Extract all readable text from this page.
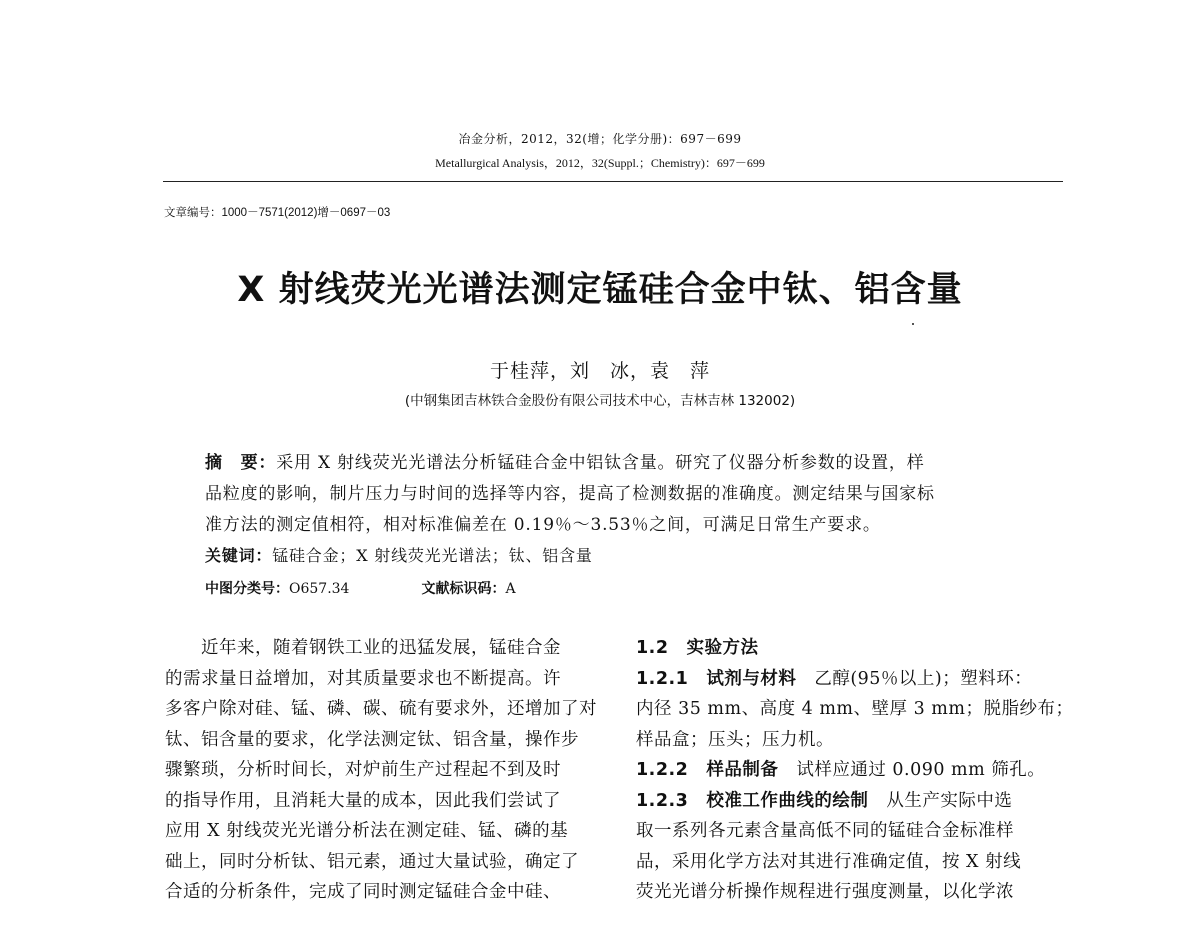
冶金分析，2012，32(增；化学分册)：697－699
Metallurgical Analysis，2012，32(Suppl.；Chemistry)：697－699
文章编号：1000－7571(2012)增－0697－03
X 射线荧光光谱法测定锰硅合金中钛、铝含量
于桂萍，刘　冰，袁　萍
(中钢集团吉林铁合金股份有限公司技术中心，吉林吉林 132002)
摘　要：采用 X 射线荧光光谱法分析锰硅合金中铝钛含量。研究了仪器分析参数的设置，样
品粒度的影响，制片压力与时间的选择等内容，提高了检测数据的准确度。测定结果与国家标
准方法的测定值相符，相对标准偏差在 0.19％～3.53％之间，可满足日常生产要求。
关键词：锰硅合金；X 射线荧光光谱法；钛、铝含量
中图分类号：O657.34	文献标识码：A
近年来，随着钢铁工业的迅猛发展，锰硅合金
的需求量日益增加，对其质量要求也不断提高。许
多客户除对硅、锰、磷、碳、硫有要求外，还增加了对
钛、铝含量的要求，化学法测定钛、铝含量，操作步
骤繁琐，分析时间长，对炉前生产过程起不到及时
的指导作用，且消耗大量的成本，因此我们尝试了
应用 X 射线荧光光谱分析法在测定硅、锰、磷的基
础上，同时分析钛、铝元素，通过大量试验，确定了
合适的分析条件，完成了同时测定锰硅合金中硅、
1.2　实验方法
1.2.1　试剂与材料　 乙醇(95％以上)；塑料环：
内径 35 mm、高度 4 mm、壁厚 3 mm；脱脂纱布；
样品盒；压头；压力机。
1.2.2　样品制备　 试样应通过 0.090 mm 筛孔。
1.2.3　校准工作曲线的绘制　 从生产实际中选
取一系列各元素含量高低不同的锰硅合金标准样
品，采用化学方法对其进行准确定值，按 X 射线
荧光光谱分析操作规程进行强度测量，以化学浓
